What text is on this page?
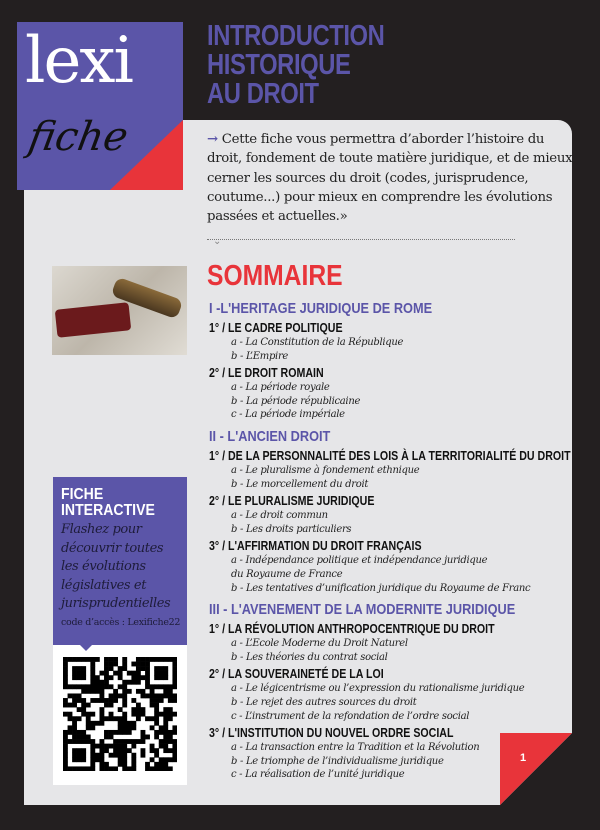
1
lexi
fiche
INTRODUCTION
HISTORIQUE
AU DROIT
→ Cette fiche vous permettra d’aborder l’histoire du droit, fondement de toute matière juridique, et de mieux cerner les sources du droit (codes, jurisprudence, coutume...) pour mieux en comprendre les évolutions passées et actuelles.»
⌄
SOMMAIRE
I -L'HERITAGE JURIDIQUE DE ROME
1° / LE CADRE POLITIQUE
a - La Constitution de la République
b - L’Empire
2° / LE DROIT ROMAIN
a - La période royale
b - La période républicaine
c - La période impériale
II - L'ANCIEN DROIT
1° / DE LA PERSONNALITÉ DES LOIS À LA TERRITORIALITÉ DU DROIT
a - Le pluralisme à fondement ethnique
b - Le morcellement du droit
2° / LE PLURALISME JURIDIQUE
a - Le droit commun
b - Les droits particuliers
3° / L'AFFIRMATION DU DROIT FRANÇAIS
a - Indépendance politique et indépendance juridique
du Royaume de France
b - Les tentatives d’unification juridique du Royaume de Franc
III - L'AVENEMENT DE LA MODERNITE JURIDIQUE
1° / LA RÉVOLUTION ANTHROPOCENTRIQUE DU DROIT
a - L’Ecole Moderne du Droit Naturel
b - Les théories du contrat social
2° / LA SOUVERAINETÉ DE LA LOI
a - Le légicentrisme ou l’expression du rationalisme juridique
b - Le rejet des autres sources du droit
c - L’instrument de la refondation de l’ordre social
3° / L'INSTITUTION DU NOUVEL ORDRE SOCIAL
a - La transaction entre la Tradition et la Révolution
b - Le triomphe de l’individualisme juridique
c - La réalisation de l’unité juridique
FICHE
INTERACTIVE
Flashez pour découvrir toutes les évolutions législatives et jurisprudentielles
code d’accès : Lexifiche22
